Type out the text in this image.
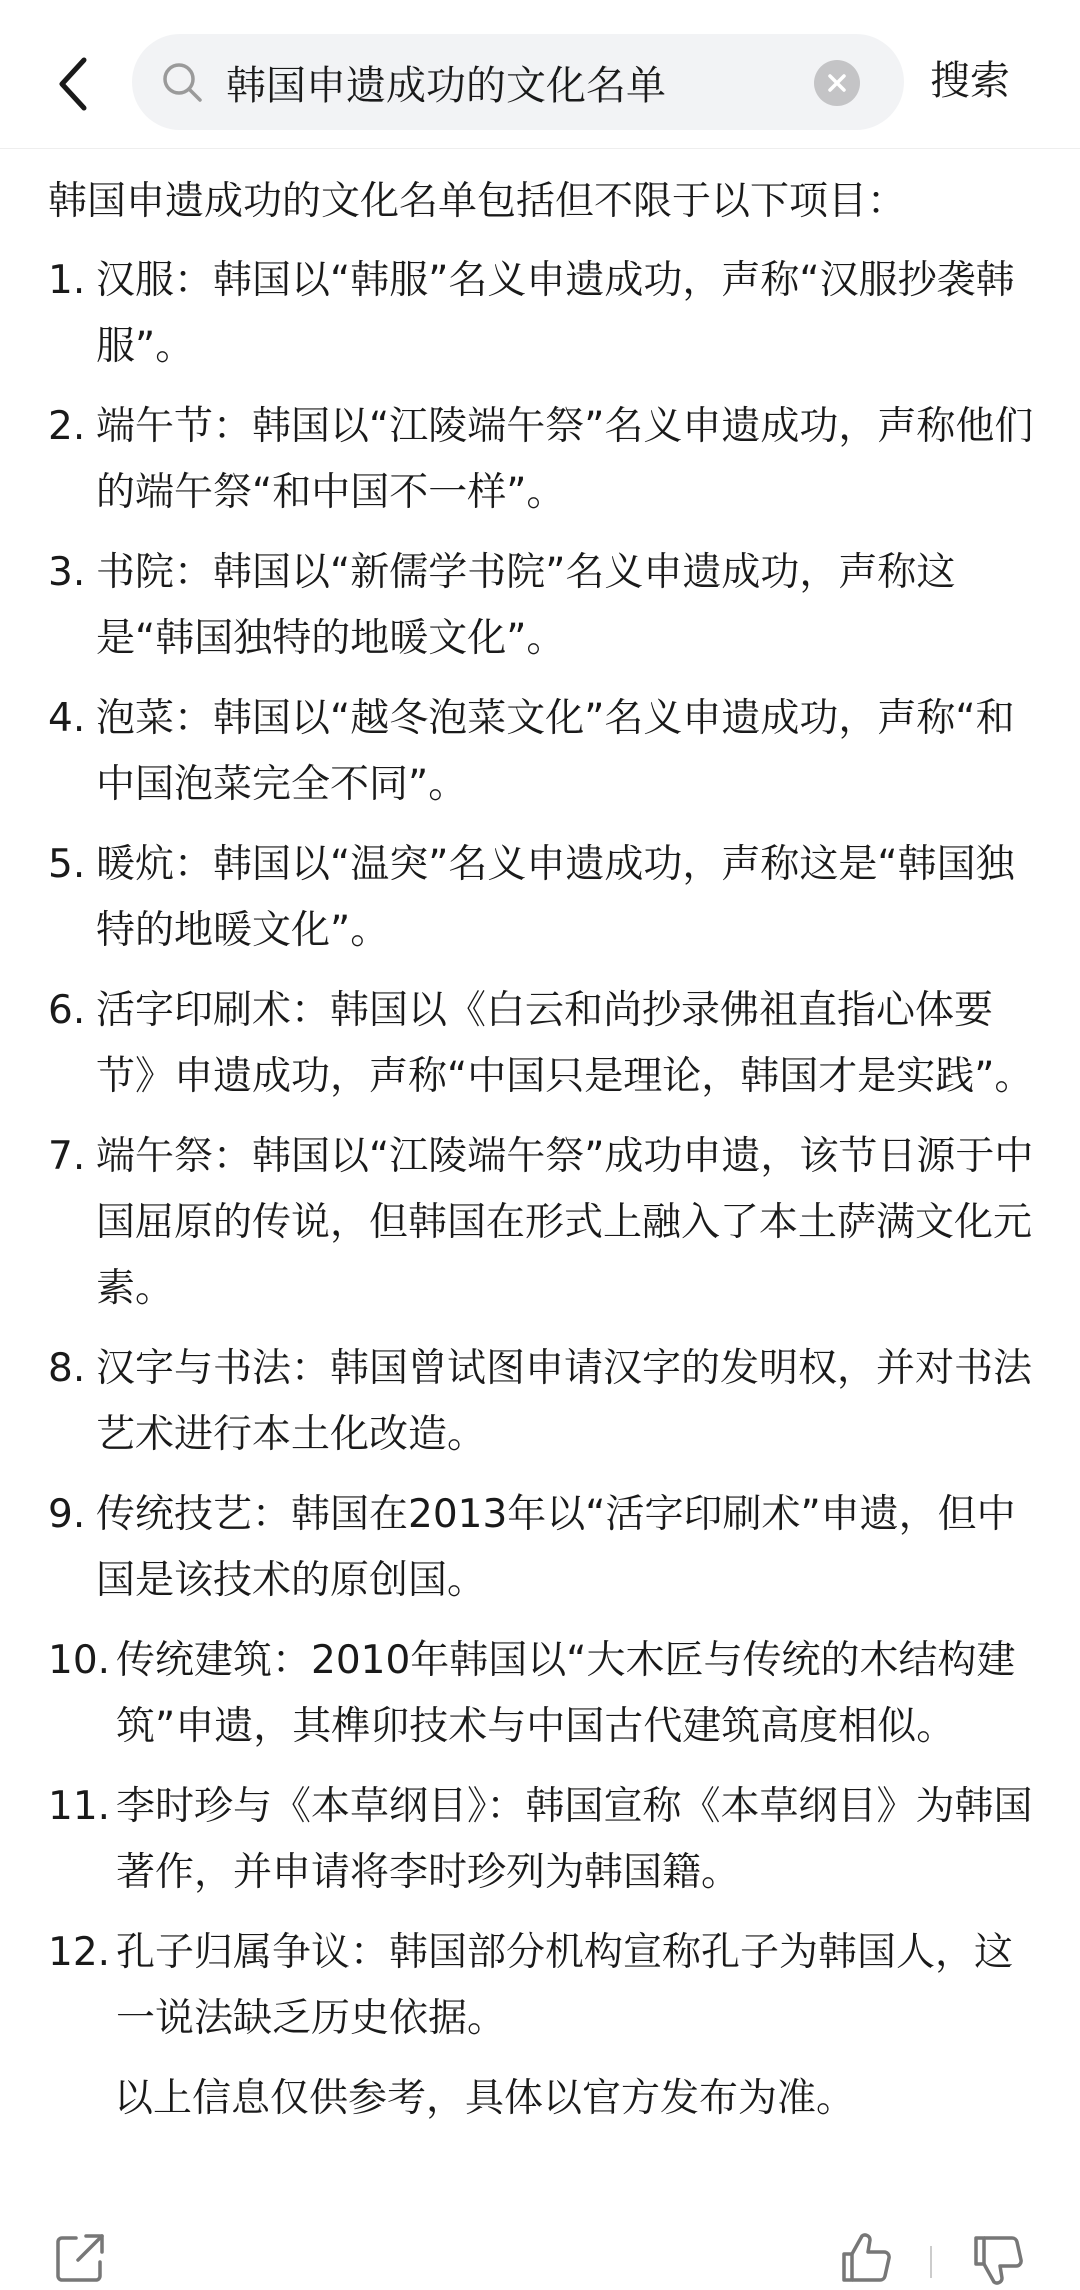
韩国申遗成功的文化名单
搜索
韩国申遗成功的文化名单包括但不限于以下项目：
1. 汉服：韩国以“韩服”名义申遗成功，声称“汉服抄袭韩服”。
2. 端午节：韩国以“江陵端午祭”名义申遗成功，声称他们的端午祭“和中国不一样”。
3. 书院：韩国以“新儒学书院”名义申遗成功，声称这是“韩国独特的地暖文化”。
4. 泡菜：韩国以“越冬泡菜文化”名义申遗成功，声称“和中国泡菜完全不同”。
5. 暖炕：韩国以“温突”名义申遗成功，声称这是“韩国独特的地暖文化”。
6. 活字印刷术：韩国以《白云和尚抄录佛祖直指心体要节》申遗成功，声称“中国只是理论，韩国才是实践”。
7. 端午祭：韩国以“江陵端午祭”成功申遗，该节日源于中国屈原的传说，但韩国在形式上融入了本土萨满文化元素。
8. 汉字与书法：韩国曾试图申请汉字的发明权，并对书法艺术进行本土化改造。
9. 传统技艺：韩国在2013年以“活字印刷术”申遗，但中国是该技术的原创国。
10. 传统建筑：2010年韩国以“大木匠与传统的木结构建筑”申遗，其榫卯技术与中国古代建筑高度相似。
11. 李时珍与《本草纲目》：韩国宣称《本草纲目》为韩国著作，并申请将李时珍列为韩国籍。
12. 孔子归属争议：韩国部分机构宣称孔子为韩国人，这一说法缺乏历史依据。
以上信息仅供参考，具体以官方发布为准。
